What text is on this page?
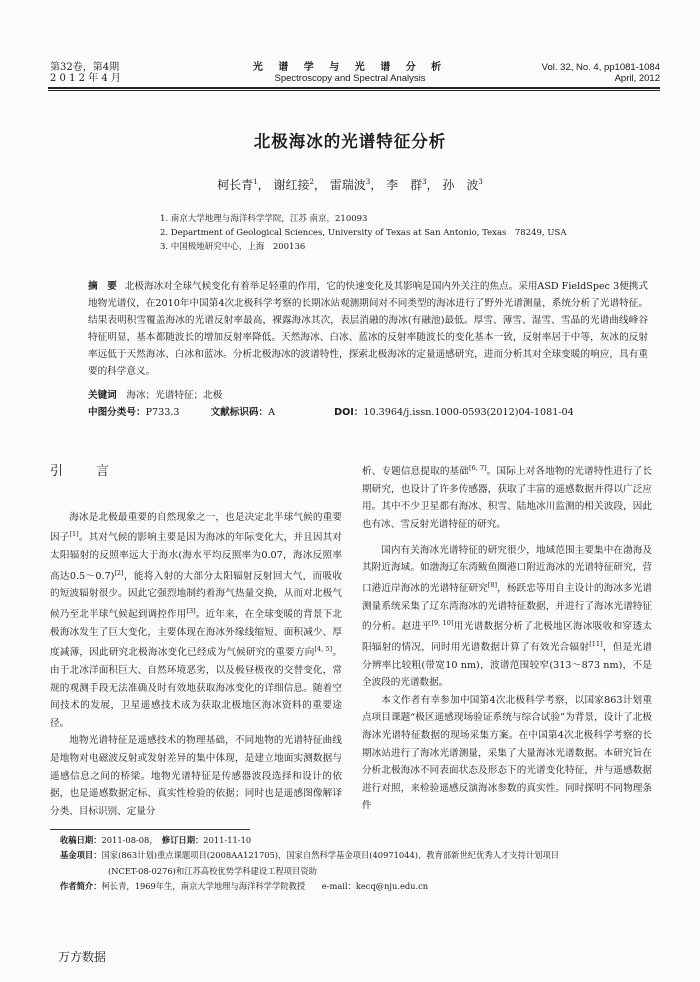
第32卷，第4期
2 0 1 2 年 4 月
光 谱 学 与 光 谱 分 析
Spectroscopy and Spectral Analysis
Vol. 32, No. 4, pp1081-1084
April, 2012
北极海冰的光谱特征分析
柯长青$^1$， 谢红接$^2$， 雷瑞波$^3$， 李　群$^3$， 孙　波$^3$
1. 南京大学地理与海洋科学学院，江苏 南京，210093
2. Department of Geological Sciences, University of Texas at San Antonio, Texas　78249, USA
3. 中国极地研究中心，上海　200136
摘　要 北极海冰对全球气候变化有着举足轻重的作用，它的快速变化及其影响是国内外关注的焦点。采用ASD FieldSpec 3便携式地物光谱仪，在2010年中国第4次北极科学考察的长期冰站观测期间对不同类型的海冰进行了野外光谱测量，系统分析了光谱特征。结果表明积雪覆盖海冰的光谱反射率最高，裸露海冰其次，表层消融的海冰(有融池)最低。厚雪、薄雪、湿雪、雪晶的光谱曲线峰谷特征明显，基本都随波长的增加反射率降低。天然海冰、白冰、蓝冰的反射率随波长的变化基本一致，反射率居于中等，灰冰的反射率远低于天然海冰、白冰和蓝冰。分析北极海冰的波谱特性，探索北极海冰的定量遥感研究，进而分析其对全球变暖的响应，具有重要的科学意义。
关键词　 海冰；光谱特征；北极
中图分类号：P733.3	文献标识码：A	DOI：10.3964/j.issn.1000-0593(2012)04-1081-04
引　言

海冰是北极最重要的自然现象之一，也是决定北半球气候的重要因子[1]。其对气候的影响主要是因为海冰的年际变化大，并且因其对太阳辐射的反照率远大于海水(海水平均反照率为0.07，海冰反照率高达0.5～0.7)[2]，能将入射的大部分太阳辐射反射回大气，而吸收的短波辐射很少。因此它强烈地制约着海气热量交换，从而对北极气候乃至北半球气候起到调控作用[3]。近年来，在全球变暖的背景下北极海冰发生了巨大变化，主要体现在海冰外缘线缩短、面积减少、厚度减薄，因此研究北极海冰变化已经成为气候研究的重要方向[4, 5]。由于北冰洋面积巨大、自然环境恶劣，以及极昼极夜的交替变化，常规的观测手段无法准确及时有效地获取海冰变化的详细信息。随着空间技术的发展，卫星遥感技术成为获取北极地区海冰资料的重要途径。

地物光谱特征是遥感技术的物理基础，不同地物的光谱特征曲线是地物对电磁波反射或发射差异的集中体现，是建立地面实测数据与遥感信息之间的桥梁。地物光谱特征是传感器波段选择和设计的依据，也是遥感数据定标、真实性检验的依据；同时也是遥感图像解译分类、目标识别、定量分

析、专题信息提取的基础[6, 7]。国际上对各地物的光谱特性进行了长期研究，也设计了许多传感器，获取了丰富的遥感数据并得以广泛应用。其中不少卫星都有海冰、积雪、陆地冰川监测的相关波段，因此也有冰、雪反射光谱特征的研究。

国内有关海冰光谱特征的研究很少，地域范围主要集中在渤海及其附近海域。如渤海辽东湾鲅鱼圈港口附近海冰的光谱特征研究，营口港近岸海冰的光谱特征研究[8]，杨跃忠等用自主设计的海冰多光谱测量系统采集了辽东湾海冰的光谱特征数据，并进行了海冰光谱特征的分析。赵进平[9, 10]用光谱数据分析了北极地区海冰吸收和穿透太阳辐射的情况，同时用光谱数据计算了有效光合辐射[11]，但是光谱分辨率比较粗(带宽10 nm)，波谱范围较窄(313～873 nm)，不是全波段的光谱数据。

本文作者有幸参加中国第4次北极科学考察，以国家863计划重点项目课题“极区遥感现场验证系统与综合试验”为背景，设计了北极海冰光谱特征数据的现场采集方案。在中国第4次北极科学考察的长期冰站进行了海冰光谱测量，采集了大量海冰光谱数据。本研究旨在分析北极海冰不同表面状态及形态下的光谱变化特征，并与遥感数据进行对照，来检验遥感反演海冰参数的真实性。同时探明不同物理条件

收稿日期：2011-08-08，　 修订日期：2011-11-10
基金项目：国家(863计划)重点课题项目(2008AA121705)，国家自然科学基金项目(40971044)，教育部新世纪优秀人才支持计划项目
(NCET-08-0276)和江苏高校优势学科建设工程项目资助
作者简介：柯长青，1969年生，南京大学地理与海洋科学学院教授　　e-mail：kecq@nju.edu.cn
万方数据
